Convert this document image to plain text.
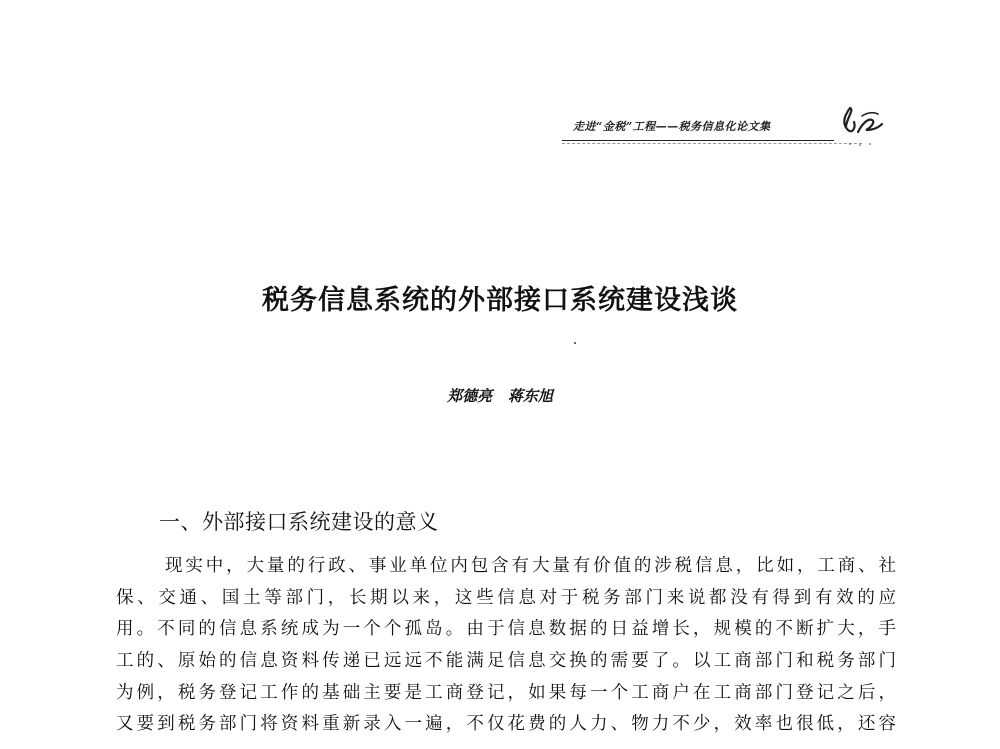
走进“金税”工程——税务信息化论文集
税务信息系统的外部接口系统建设浅谈
郑德亮   蒋东旭
一、外部接口系统建设的意义
现实中，大量的行政、事业单位内包含有大量有价值的涉税信息，比如，工商、社
保、交通、国土等部门，长期以来，这些信息对于税务部门来说都没有得到有效的应
用。不同的信息系统成为一个个孤岛。由于信息数据的日益增长，规模的不断扩大，手
工的、原始的信息资料传递已远远不能满足信息交换的需要了。以工商部门和税务部门
为例，税务登记工作的基础主要是工商登记，如果每一个工商户在工商部门登记之后，
又要到税务部门将资料重新录入一遍，不仅花费的人力、物力不少，效率也很低，还容
